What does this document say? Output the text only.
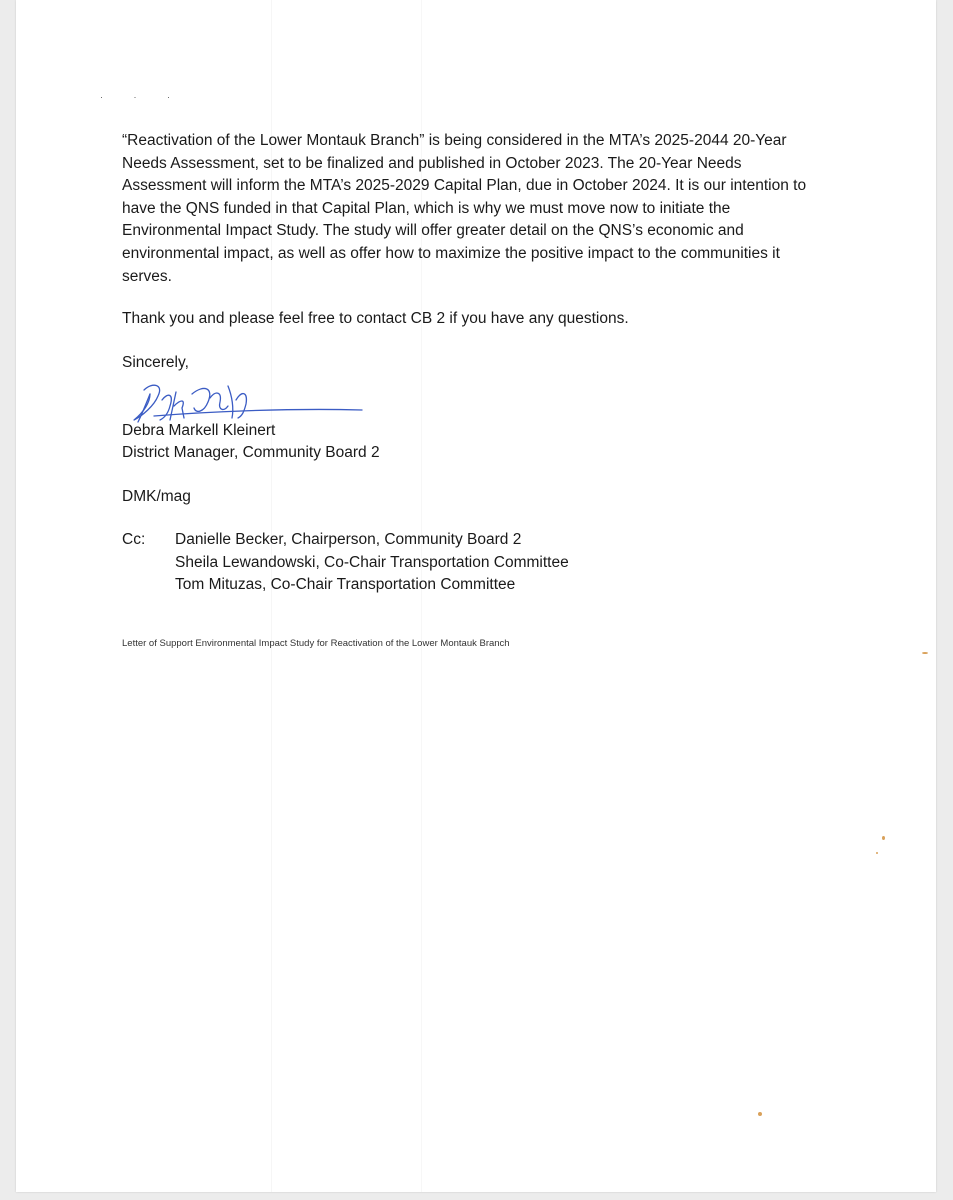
· · ·
“Reactivation of the Lower Montauk Branch” is being considered in the MTA’s 2025-2044 20-Year Needs Assessment, set to be finalized and published in October 2023. The 20-Year Needs Assessment will inform the MTA’s 2025-2029 Capital Plan, due in October 2024. It is our intention to have the QNS funded in that Capital Plan, which is why we must move now to initiate the Environmental Impact Study. The study will offer greater detail on the QNS’s economic and environmental impact, as well as offer how to maximize the positive impact to the communities it serves.
Thank you and please feel free to contact CB 2 if you have any questions.
Sincerely,
Debra Markell Kleinert
District Manager, Community Board 2
DMK/mag
Cc: Danielle Becker, Chairperson, Community Board 2
Sheila Lewandowski, Co-Chair Transportation Committee
Tom Mituzas, Co-Chair Transportation Committee
Letter of Support Environmental Impact Study for Reactivation of the Lower Montauk Branch
